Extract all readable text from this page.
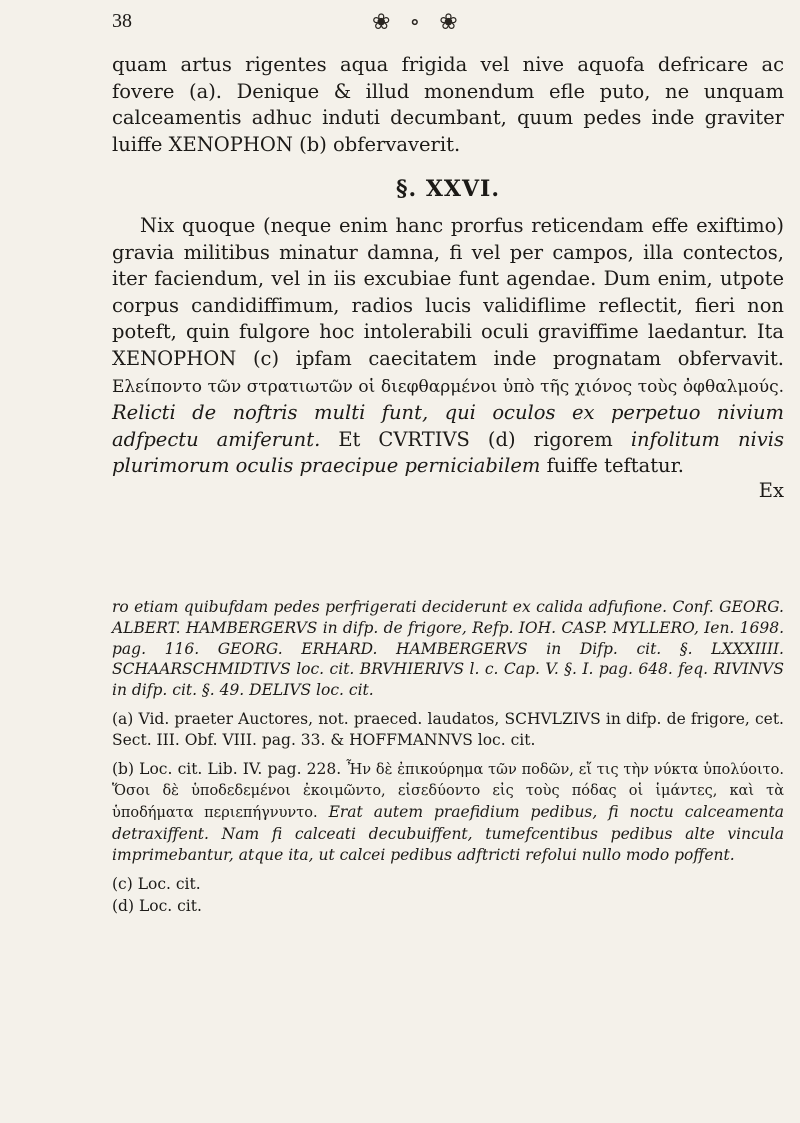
38	❀ ∘ ❀

quam artus rigentes aqua frigida vel nive aquofa defricare ac fovere (a). Denique & illud monendum efle puto, ne unquam calceamentis adhuc induti decumbant, quum pedes inde graviter luiffe XENOPHON (b) obfervaverit.

§. XXVI.

Nix quoque (neque enim hanc prorfus reticendam effe exiftimo) gravia militibus minatur damna, fi vel per campos, illa contectos, iter faciendum, vel in iis excubiae funt agendae. Dum enim, utpote corpus candidiffimum, radios lucis validiflime reflectit, fieri non poteft, quin fulgore hoc intolerabili oculi graviffime laedantur. Ita XENOPHON (c) ipfam caecitatem inde prognatam obfervavit. Ελείποντο τῶν στρατιωτῶν οἱ διεφθαρμένοι ὑπὸ τῆς χιόνος τοὺς ὀφθαλμούς. Relicti de noftris multi funt, qui oculos ex perpetuo nivium adfpectu amiferunt. Et CVRTIVS (d) rigorem infolitum nivis plurimorum oculis praecipue perniciabilem fuiffe teftatur.

Ex

ro etiam quibufdam pedes perfrigerati deciderunt ex calida adfufione. Conf. GEORG. ALBERT. HAMBERGERVS in difp. de frigore, Refp. IOH. CASP. MYLLERO, Ien. 1698. pag. 116. GEORG. ERHARD. HAMBERGERVS in Difp. cit. §. LXXXIIII. SCHAARSCHMIDTIVS loc. cit. BRVHIERIVS l. c. Cap. V. §. I. pag. 648. feq. RIVINVS in difp. cit. §. 49. DELIVS loc. cit.

(a) Vid. praeter Auctores, not. praeced. laudatos, SCHVLZIVS in difp. de frigore, cet. Sect. III. Obf. VIII. pag. 33. & HOFFMANNVS loc. cit.

(b) Loc. cit. Lib. IV. pag. 228. Ἦν δὲ ἐπικούρημα τῶν ποδῶν, εἴ τις τὴν νύκτα ὑπολύοιτο. Ὅσοι δὲ ὑποδεδεμένοι ἐκοιμῶντο, εἰσεδύοντο εἰς τοὺς πόδας οἱ ἱμάντες, καὶ τὰ ὑποδήματα περιεπήγνυντο. Erat autem praefidium pedibus, fi noctu calceamenta detraxiffent. Nam fi calceati decubuiffent, tumefcentibus pedibus alte vincula imprimebantur, atque ita, ut calcei pedibus adftricti refolui nullo modo poffent.

(c) Loc. cit.

(d) Loc. cit.
